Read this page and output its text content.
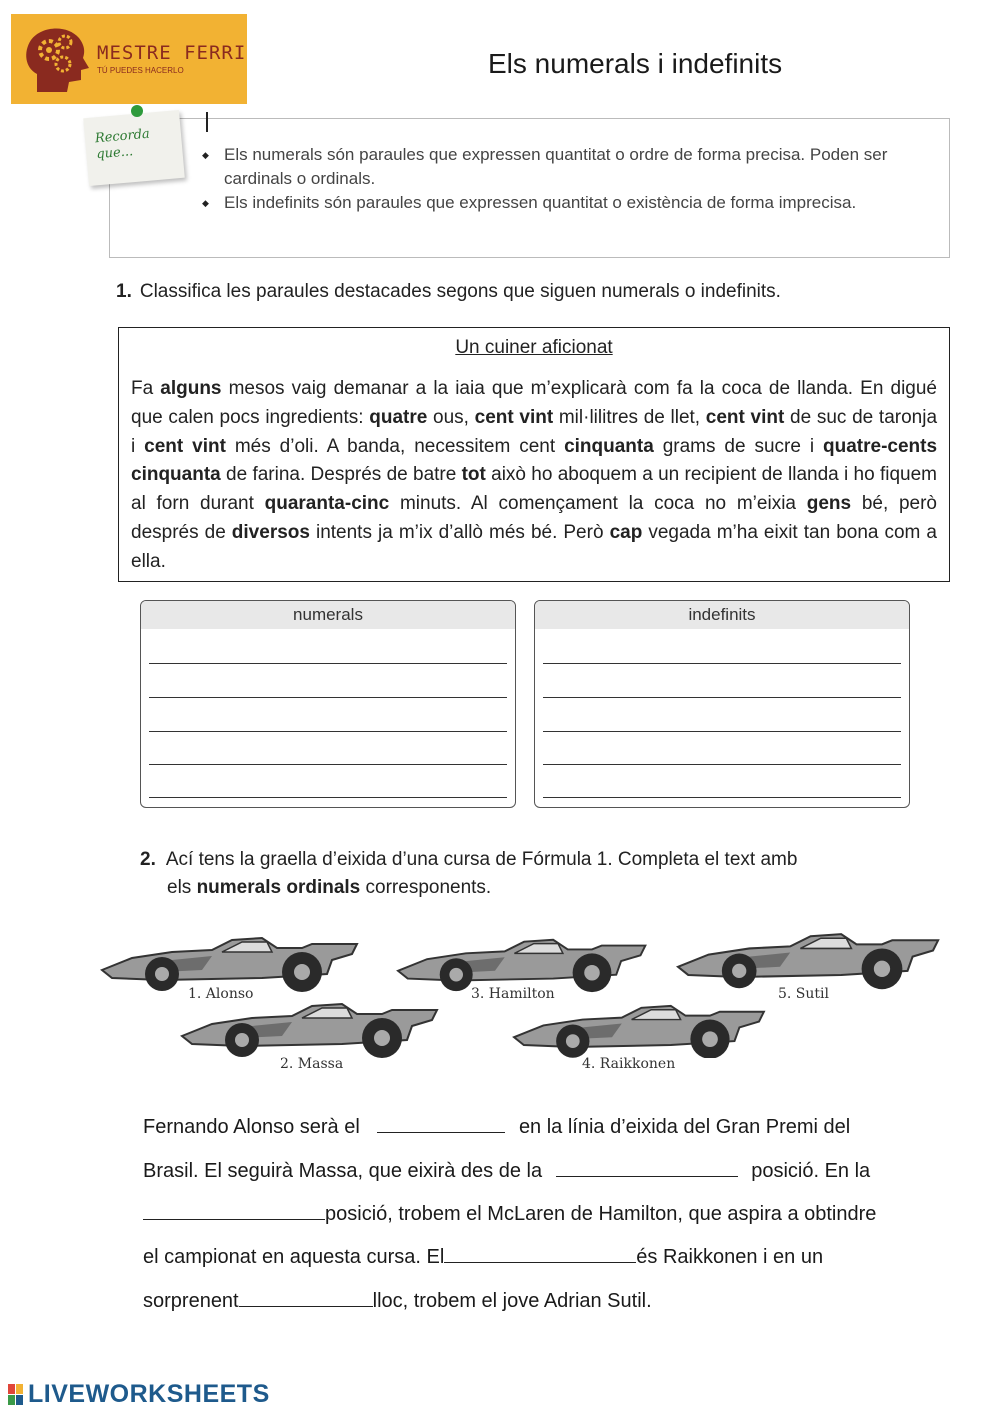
MESTRE FERRI
TÚ PUEDES HACERLO	Els numerals i indefinits
Recorda que...
◆	Els numerals són paraules que expressen quantitat o ordre de forma precisa. Poden ser cardinals o ordinals.
◆ Els indefinits són paraules que expressen quantitat o existència de forma imprecisa.
1. Classifica les paraules destacades segons que siguen numerals o indefinits.
Un cuiner aficionat
Fa alguns mesos vaig demanar a la iaia que m’explicarà com fa la coca de llanda. En digué que calen pocs ingredients: quatre ous, cent vint mil·lilitres de llet, cent vint de suc de taronja i cent vint més d’oli. A banda, necessitem cent cinquanta grams de sucre i quatre-cents cinquanta de farina. Després de batre tot això ho aboquem a un recipient de llanda i ho fiquem al forn durant quaranta-cinc minuts. Al començament la coca no m’eixia gens bé, però després de diversos intents ja m’ix d’allò més bé. Però cap vegada m’ha eixit tan bona com a ella.
numerals	indefinits
2. Ací tens la graella d’eixida d’una cursa de Fórmula 1. Completa el text amb
els numerals ordinals corresponents.
1. Alonso	3. Hamilton	5. Sutil
2. Massa	4. Raikkonen
Fernando Alonso serà el	en la línia d’eixida del Gran Premi del
Brasil. El seguirà Massa, que eixirà des de la	posició. En la
posició, trobem el McLaren de Hamilton, que aspira a obtindre
el campionat en aquesta cursa. El	és Raikkonen i en un
sorprenent	lloc, trobem el jove Adrian Sutil.
LIVEWORKSHEETS
